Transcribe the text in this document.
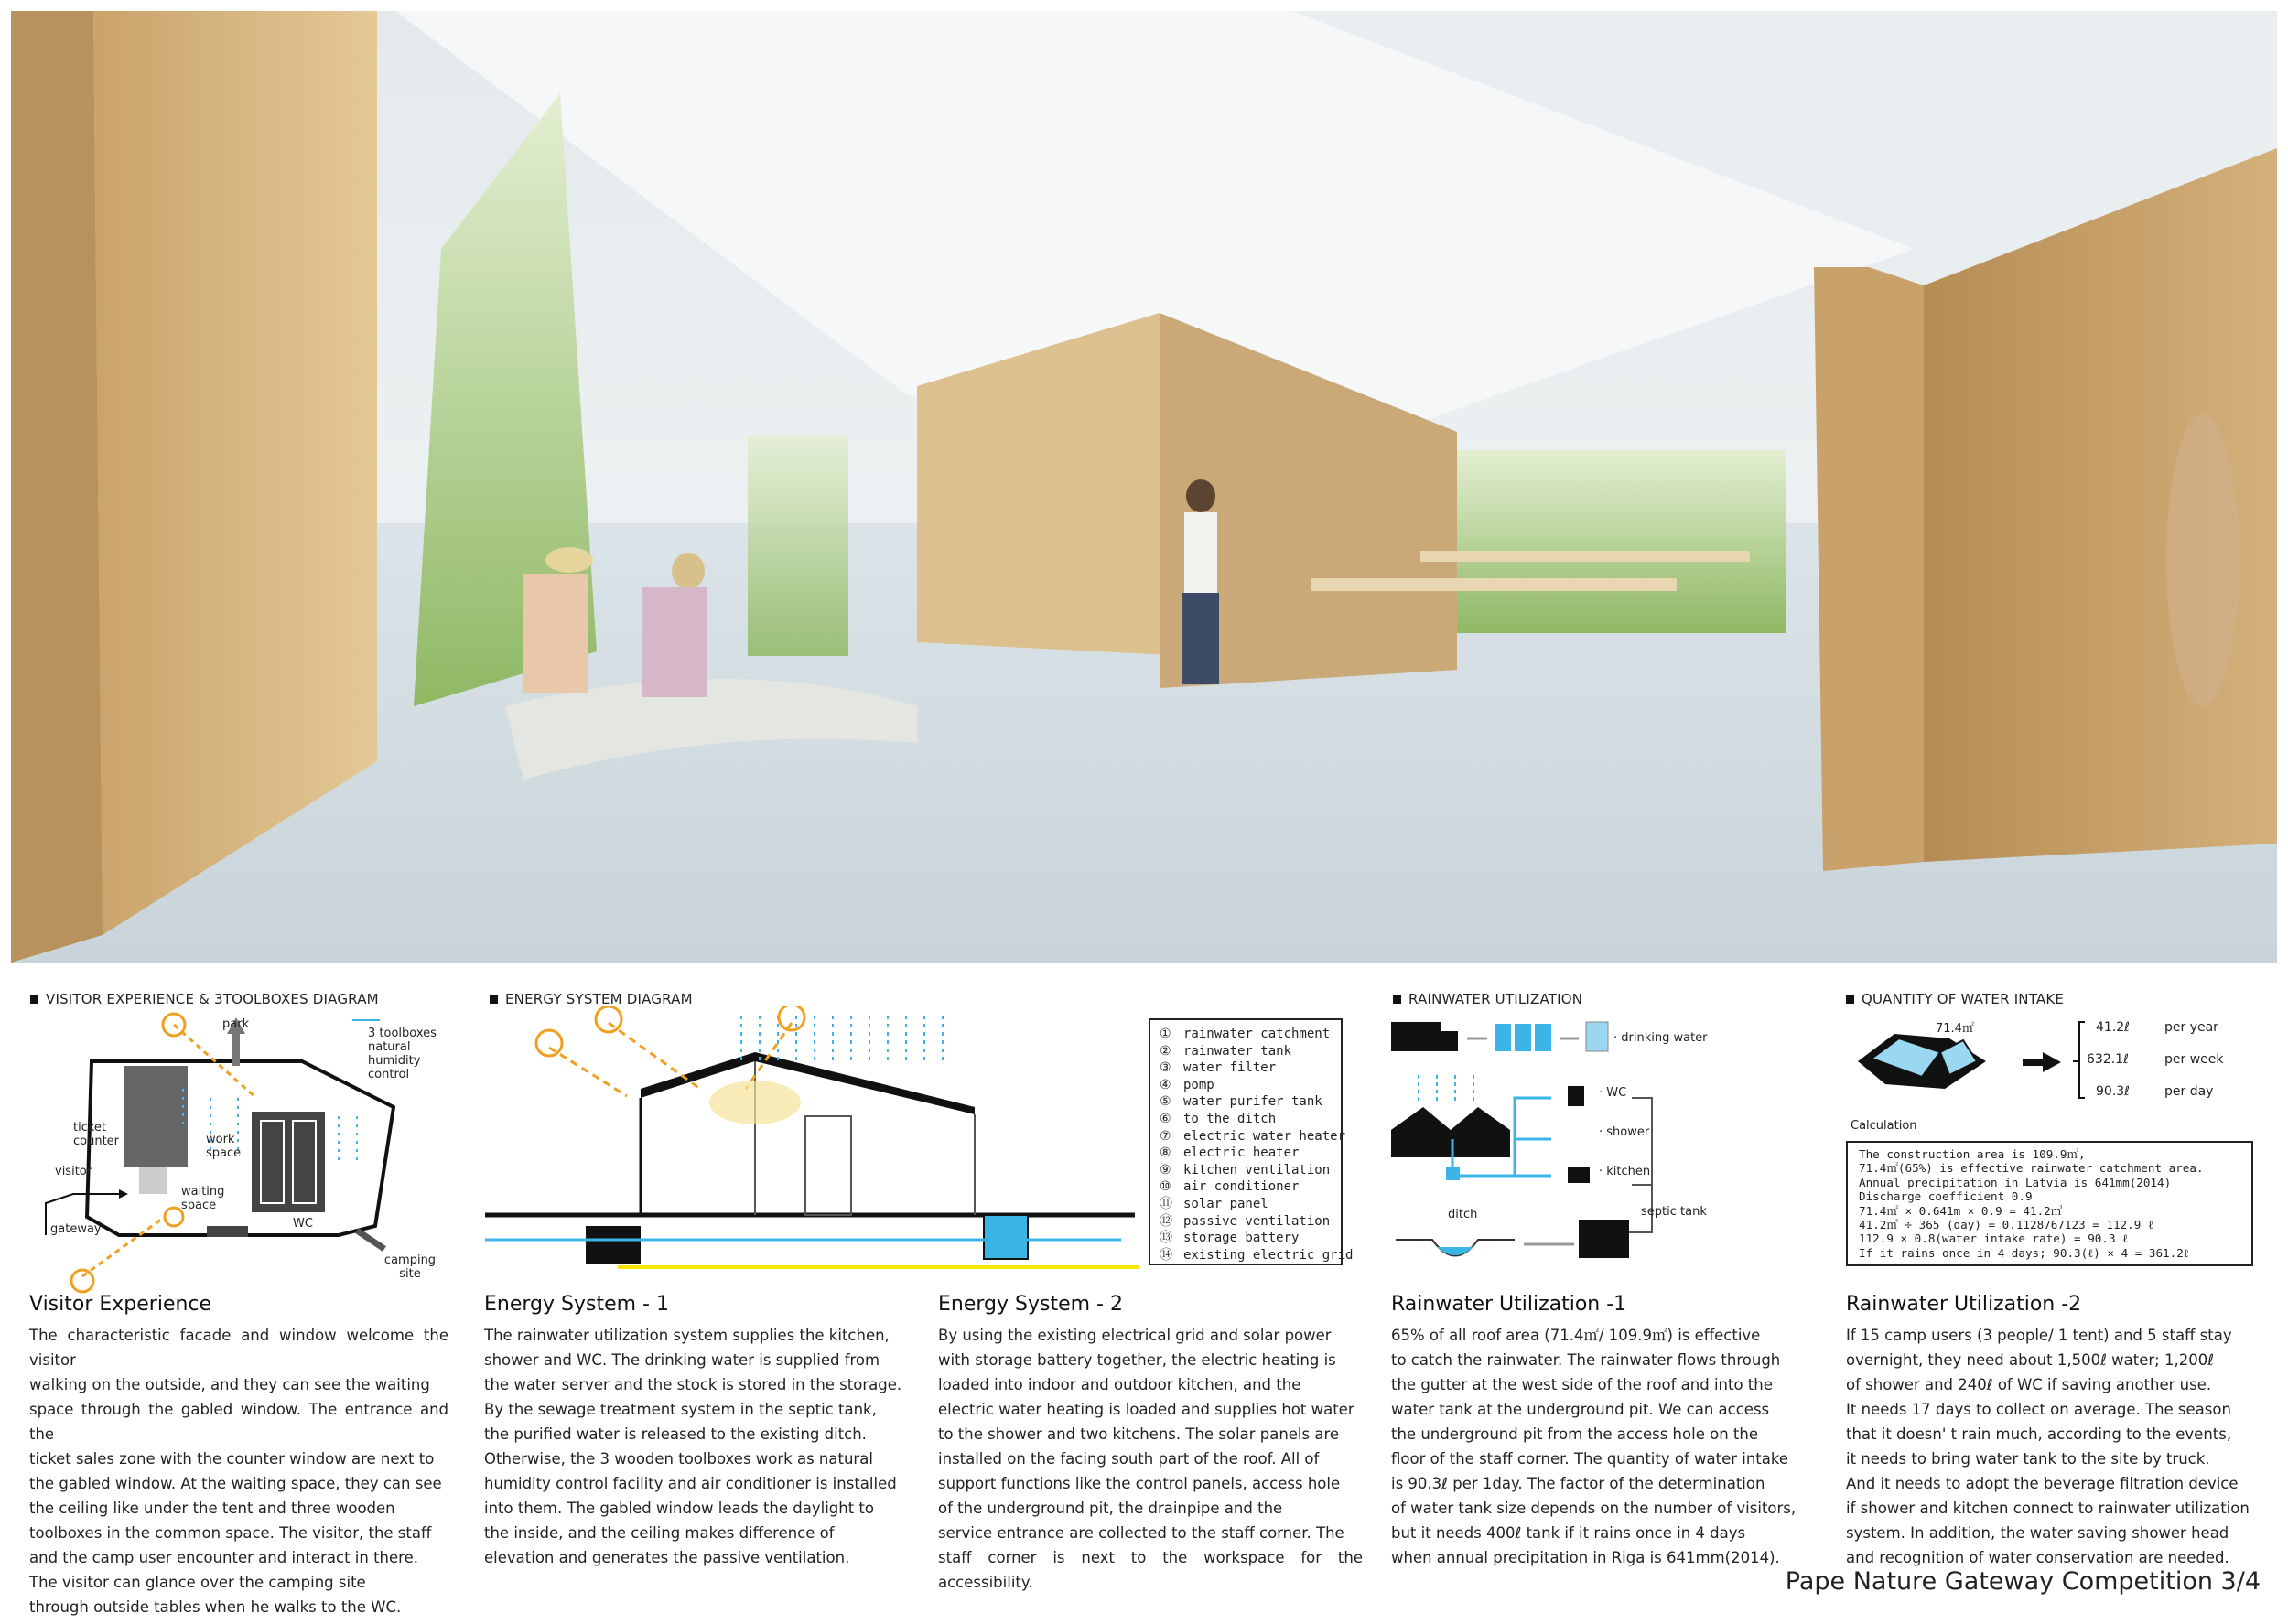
VISITOR EXPERIENCE & 3TOOLBOXES DIAGRAM	ENERGY SYSTEM DIAGRAM	RAINWATER UTILIZATION	QUANTITY OF WATER INTAKE
park
3 toolboxes natural humidity control
ticket counter	work space
visitor
waiting space
WC
gateway
camping site
① rainwater catchment
② rainwater tank
③ water filter
④ pomp
⑤ water purifer tank
⑥ to the ditch
⑦ electric water heater
⑧ electric heater
⑨ kitchen ventilation
⑩ air conditioner
⑪ solar panel
⑫ passive ventilation
⑬ storage battery
⑭ existing electric grid
· drinking water
· WC
· shower
· kitchen
ditch	septic tank
71.4㎡	41.2ℓ	per year
632.1ℓ	per week
90.3ℓ	per day
Calculation
The construction area is 109.9㎡,
71.4㎡(65%) is effective rainwater catchment area.
Annual precipitation in Latvia is 641mm(2014)
Discharge coefficient 0.9
71.4㎡ × 0.641m × 0.9 = 41.2㎥
41.2㎥ ÷ 365 (day) = 0.1128767123 = 112.9 ℓ
112.9 × 0.8(water intake rate) = 90.3 ℓ
If it rains once in 4 days; 90.3(ℓ) × 4 = 361.2ℓ
Visitor Experience

The characteristic facade and window welcome the visitor

walking on the outside, and they can see the waiting

space through the gabled window. The entrance and the

ticket sales zone with the counter window are next to

the gabled window. At the waiting space, they can see

the ceiling like under the tent and three wooden

toolboxes in the common space. The visitor, the staff

and the camp user encounter and interact in there.

The visitor can glance over the camping site

through outside tables when he walks to the WC.

Energy System - 1

The rainwater utilization system supplies the kitchen,

shower and WC. The drinking water is supplied from

the water server and the stock is stored in the storage.

By the sewage treatment system in the septic tank,

the purified water is released to the existing ditch.

Otherwise, the 3 wooden toolboxes work as natural

humidity control facility and air conditioner is installed

into them. The gabled window leads the daylight to

the inside, and the ceiling makes difference of

elevation and generates the passive ventilation.

Energy System - 2

By using the existing electrical grid and solar power

with storage battery together, the electric heating is

loaded into indoor and outdoor kitchen, and the

electric water heating is loaded and supplies hot water

to the shower and two kitchens. The solar panels are

installed on the facing south part of the roof. All of

support functions like the control panels, access hole

of the underground pit, the drainpipe and the

service entrance are collected to the staff corner. The

staff corner is next to the workspace for the accessibility.

Rainwater Utilization -1

65% of all roof area (71.4㎡/ 109.9㎡) is effective

to catch the rainwater. The rainwater flows through

the gutter at the west side of the roof and into the

water tank at the underground pit. We can access

the underground pit from the access hole on the

floor of the staff corner. The quantity of water intake

is 90.3ℓ per 1day. The factor of the determination

of water tank size depends on the number of visitors,

but it needs 400ℓ tank if it rains once in 4 days

when annual precipitation in Riga is 641mm(2014).

Rainwater Utilization -2

If 15 camp users (3 people/ 1 tent) and 5 staff stay

overnight, they need about 1,500ℓ water; 1,200ℓ

of shower and 240ℓ of WC if saving another use.

It needs 17 days to collect on average. The season

that it doesn' t rain much, according to the events,

it needs to bring water tank to the site by truck.

And it needs to adopt the beverage filtration device

if shower and kitchen connect to rainwater utilization

system. In addition, the water saving shower head

and recognition of water conservation are needed.

Pape Nature Gateway Competition 3/4
